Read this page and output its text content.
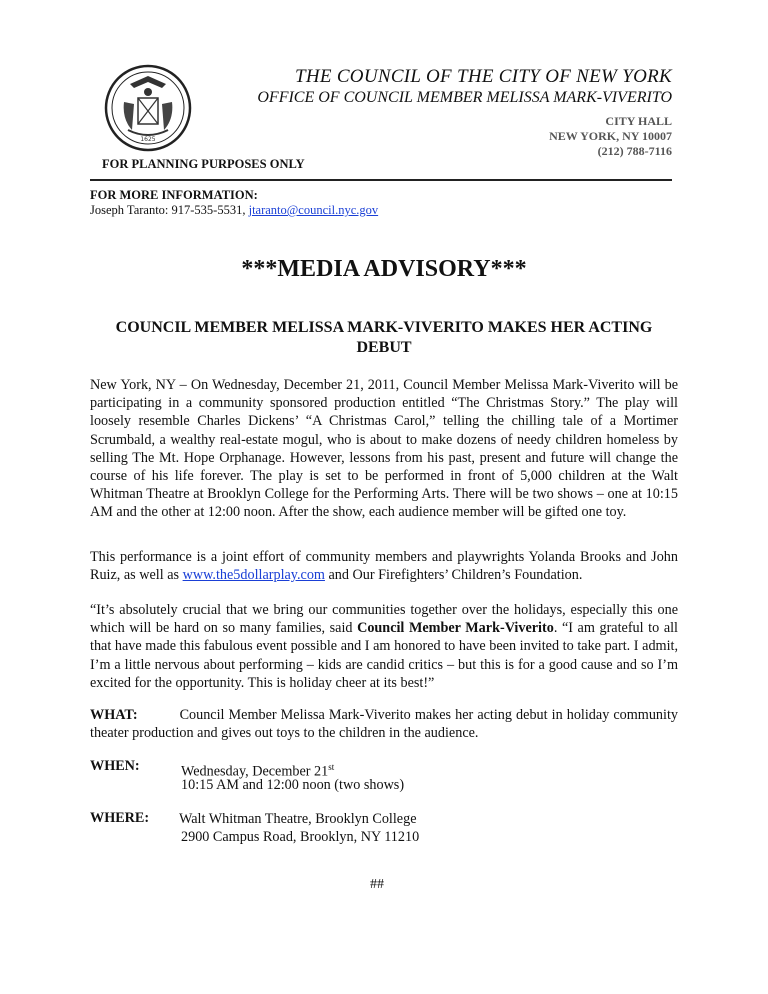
1625
THE COUNCIL OF THE CITY OF NEW YORK
OFFICE OF COUNCIL MEMBER MELISSA MARK-VIVERITO
CITY HALL
NEW YORK, NY 10007
(212) 788-7116
FOR PLANNING PURPOSES ONLY
FOR MORE INFORMATION:
Joseph Taranto: 917-535-5531, jtaranto@council.nyc.gov
***MEDIA ADVISORY***
COUNCIL MEMBER MELISSA MARK-VIVERITO MAKES HER ACTING DEBUT

New York, NY – On Wednesday, December 21, 2011, Council Member Melissa Mark-Viverito will be participating in a community sponsored production entitled “The Christmas Story.” The play will loosely resemble Charles Dickens’ “A Christmas Carol,” telling the chilling tale of a Mortimer Scrumbald, a wealthy real-estate mogul, who is about to make dozens of needy children homeless by selling The Mt. Hope Orphanage. However, lessons from his past, present and future will change the course of his life forever. The play is set to be performed in front of 5,000 children at the Walt Whitman Theatre at Brooklyn College for the Performing Arts. There will be two shows – one at 10:15 AM and the other at 12:00 noon. After the show, each audience member will be gifted one toy.

This performance is a joint effort of community members and playwrights Yolanda Brooks and John Ruiz, as well as www.the5dollarplay.com and Our Firefighters’ Children’s Foundation.

“It’s absolutely crucial that we bring our communities together over the holidays, especially this one which will be hard on so many families, said Council Member Mark-Viverito. “I am grateful to all that have made this fabulous event possible and I am honored to have been invited to take part. I admit, I’m a little nervous about performing – kids are candid critics – but this is for a good cause and so I’m excited for the opportunity. This is holiday cheer at its best!”

WHAT:	Council Member Melissa Mark-Viverito makes her acting debut in holiday community theater production and gives out toys to the children in the audience.

WHEN:	Wednesday, December 21st
10:15 AM and 12:00 noon (two shows)
WHERE: Walt Whitman Theatre, Brooklyn College
2900 Campus Road, Brooklyn, NY 11210
##
